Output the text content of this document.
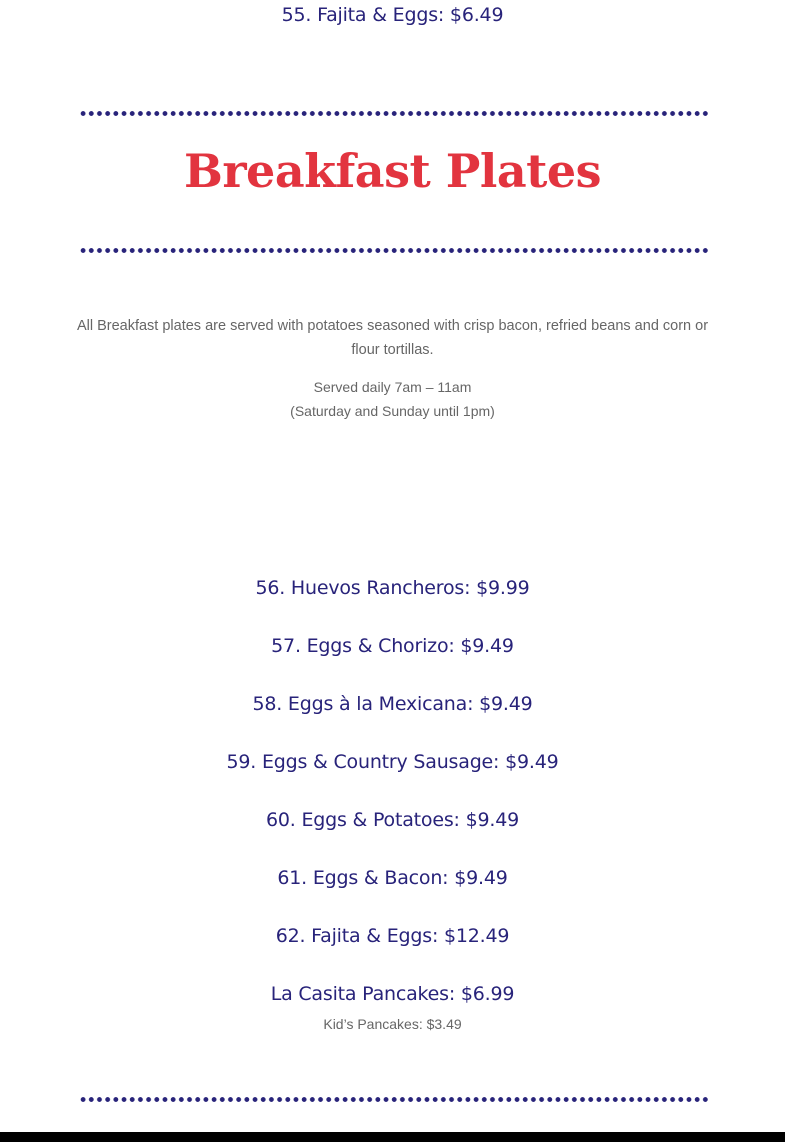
55. Fajita & Eggs: $6.49
Breakfast Plates
All Breakfast plates are served with potatoes seasoned with crisp bacon, refried beans and corn or flour tortillas.
Served daily 7am – 11am
(Saturday and Sunday until 1pm)
56. Huevos Rancheros: $9.99
57. Eggs & Chorizo: $9.49
58. Eggs à la Mexicana: $9.49
59. Eggs & Country Sausage: $9.49
60. Eggs & Potatoes: $9.49
61. Eggs & Bacon: $9.49
62. Fajita & Eggs: $12.49
La Casita Pancakes: $6.99
Kid’s Pancakes: $3.49
